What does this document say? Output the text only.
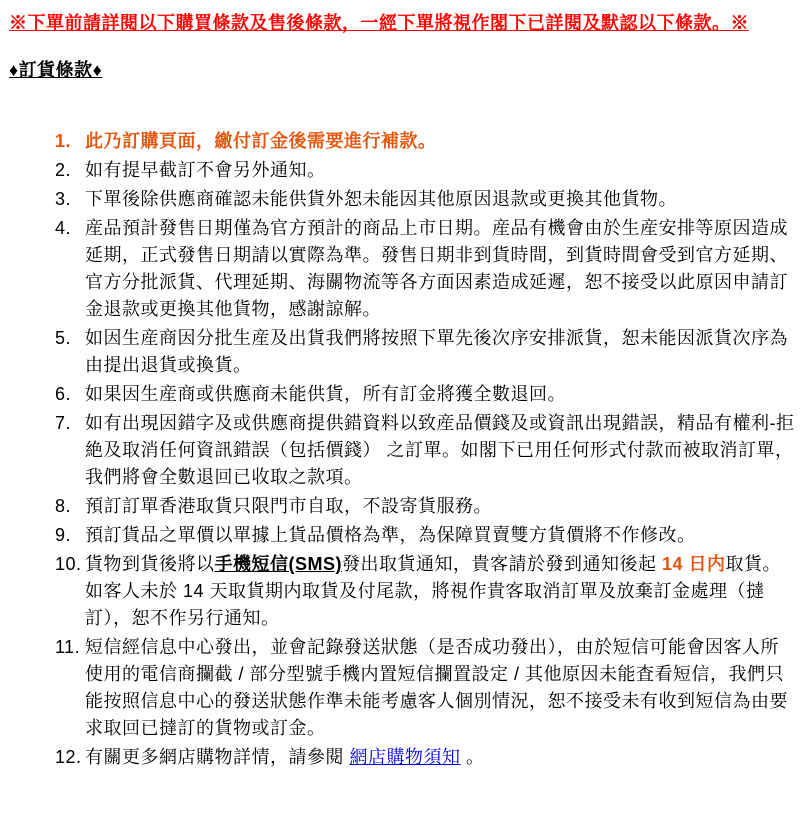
※下單前請詳閱以下購買條款及售後條款，一經下單將視作閣下已詳閱及默認以下條款。※
♦訂貨條款♦
1. 此乃訂購頁面，繳付訂金後需要進行補款。
2. 如有提早截訂不會另外通知。
3. 下單後除供應商確認未能供貨外恕未能因其他原因退款或更換其他貨物。
4. 産品預計發售日期僅為官方預計的商品上市日期。産品有機會由於生産安排等原因造成延期，正式發售日期請以實際為準。發售日期非到貨時間，到貨時間會受到官方延期、官方分批派貨、代理延期、海關物流等各方面因素造成延遲，恕不接受以此原因申請訂金退款或更換其他貨物，感謝諒解。
5. 如因生産商因分批生産及出貨我們將按照下單先後次序安排派貨，恕未能因派貨次序為由提出退貨或換貨。
6. 如果因生産商或供應商未能供貨，所有訂金將獲全數退回。
7. 如有出現因錯字及或供應商提供錯資料以致産品價錢及或資訊出現錯誤，精品有權利-拒絶及取消任何資訊錯誤（包括價錢） 之訂單。如閣下已用任何形式付款而被取消訂單，我們將會全數退回已收取之款項。
8. 預訂訂單香港取貨只限門市自取，不設寄貨服務。
9. 預訂貨品之單價以單據上貨品價格為準，為保障買賣雙方貨價將不作修改。
10. 貨物到貨後將以手機短信(SMS)發出取貨通知，貴客請於發到通知後起 14 日内取貨。如客人未於 14 天取貨期内取貨及付尾款，將視作貴客取消訂單及放棄訂金處理（撻訂），恕不作另行通知。
11. 短信經信息中心發出，並會記錄發送狀態（是否成功發出），由於短信可能會因客人所使用的電信商攔截 / 部分型號手機内置短信攔置設定 / 其他原因未能査看短信，我們只能按照信息中心的發送狀態作準未能考慮客人個別情況，恕不接受未有收到短信為由要求取回已撻訂的貨物或訂金。
12. 有關更多網店購物詳情，請參閱 網店購物須知 。
